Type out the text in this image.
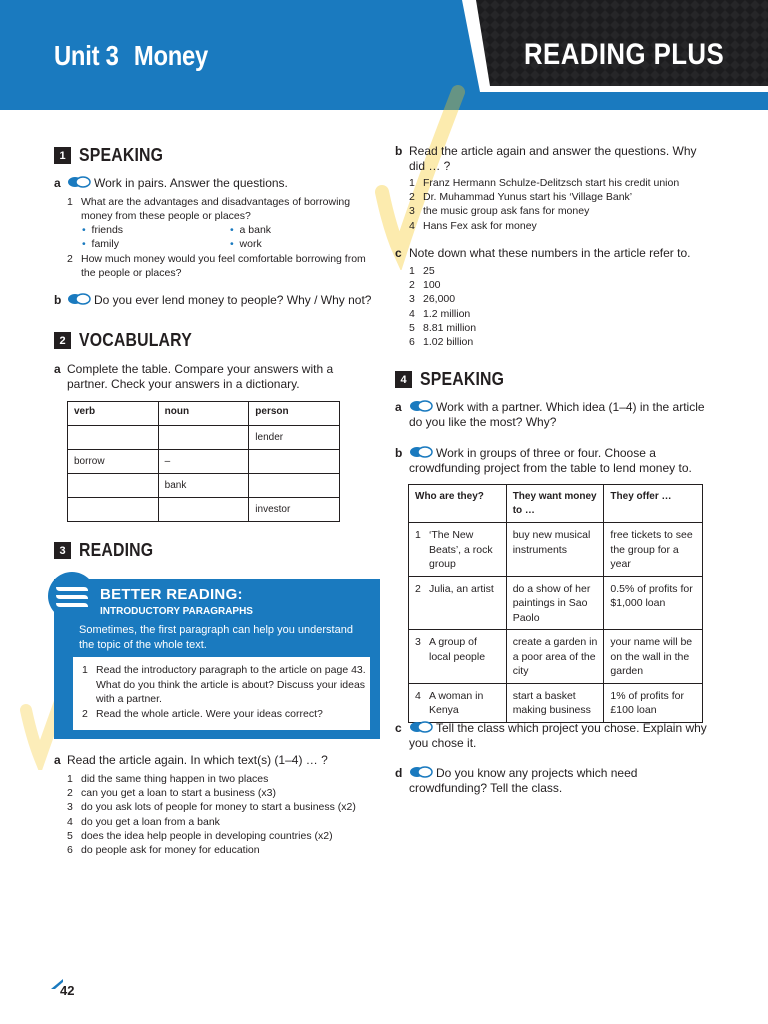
Unit 3 Money	READING PLUS
1 SPEAKING
a	Work in pairs. Answer the questions.
1 What are the advantages and disadvantages of borrowing money from these people or places?
• friends	• a bank
• family	• work
2 How much money would you feel comfortable borrowing from the people or places?
b	Do you ever lend money to people? Why / Why not?
2 VOCABULARY
a Complete the table. Compare your answers with a partner. Check your answers in a dictionary.
verb	noun	person
		lender
borrow	–	
	bank	
		investor
3 READING
BETTER READING:
INTRODUCTORY PARAGRAPHS
Sometimes, the first paragraph can help you understand the topic of the whole text.
1 Read the introductory paragraph to the article on page 43. What do you think the article is about? Discuss your ideas with a partner.
2 Read the whole article. Were your ideas correct?
a Read the article again. In which text(s) (1–4) … ?
1 did the same thing happen in two places
2 can you get a loan to start a business (x3)
3 do you ask lots of people for money to start a business (x2)
4 do you get a loan from a bank
5 does the idea help people in developing countries (x2)
6 do people ask for money for education
b Read the article again and answer the questions. Why did … ?
1 Franz Hermann Schulze-Delitzsch start his credit union
2 Dr. Muhammad Yunus start his ‘Village Bank’
3 the music group ask fans for money
4 Hans Fex ask for money
c Note down what these numbers in the article refer to.
1 25
2 100
3 26,000
4 1.2 million
5 8.81 million
6 1.02 billion
4 SPEAKING
a	Work with a partner. Which idea (1–4) in the article do you like the most? Why?
b	Work in groups of three or four. Choose a crowdfunding project from the table to lend money to.
Who are they?	They want money to …	They offer …

1 ‘The New Beats’, a rock group	buy new musical instruments	free tickets to see the group for a year

2 Julia, an artist	do a show of her paintings in Sao Paolo	0.5% of profits for $1,000 loan

3 A group of local people	create a garden in a poor area of the city	your name will be on the wall in the garden

4 A woman in Kenya	start a basket making business	1% of profits for £100 loan
c	Tell the class which project you chose. Explain why you chose it.
d	Do you know any projects which need crowdfunding? Tell the class.
42
